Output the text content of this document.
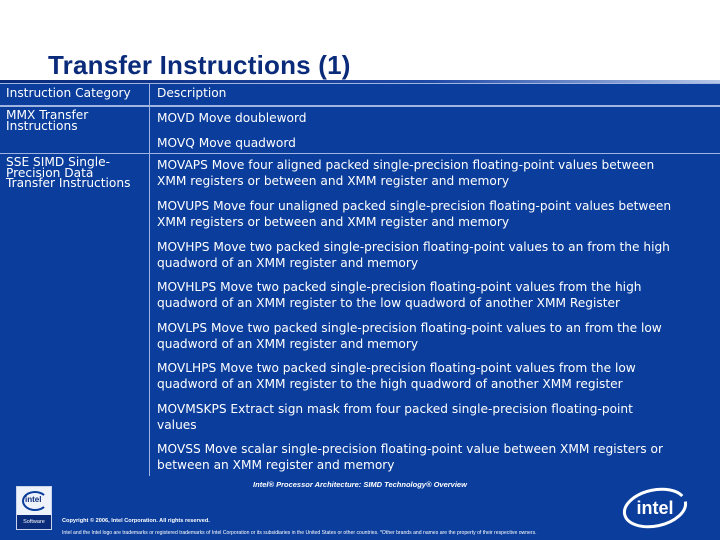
Transfer Instructions (1)
Instruction Category	Description
MMX Transfer
Instructions
MOVD Move doubleword
MOVQ Move quadword
SSE SIMD Single-
Precision Data
Transfer Instructions
MOVAPS Move four aligned packed single-precision floating-point values between
XMM registers or between and XMM register and memory
MOVUPS Move four unaligned packed single-precision floating-point values between
XMM registers or between and XMM register and memory
MOVHPS Move two packed single-precision floating-point values to an from the high
quadword of an XMM register and memory
MOVHLPS Move two packed single-precision floating-point values from the high
quadword of an XMM register to the low quadword of another XMM Register
MOVLPS Move two packed single-precision floating-point values to an from the low
quadword of an XMM register and memory
MOVLHPS Move two packed single-precision floating-point values from the low
quadword of an XMM register to the high quadword of another XMM register
MOVMSKPS Extract sign mask from four packed single-precision floating-point
values
MOVSS Move scalar single-precision floating-point value between XMM registers or
between an XMM register and memory
Intel® Processor Architecture: SIMD Technology® Overview
intel
Software	Copyright © 2006, Intel Corporation. All rights reserved.
Intel and the Intel logo are trademarks or registered trademarks of Intel Corporation or its subsidiaries in the United States or other countries. *Other brands and names are the property of their respective owners.
intel
